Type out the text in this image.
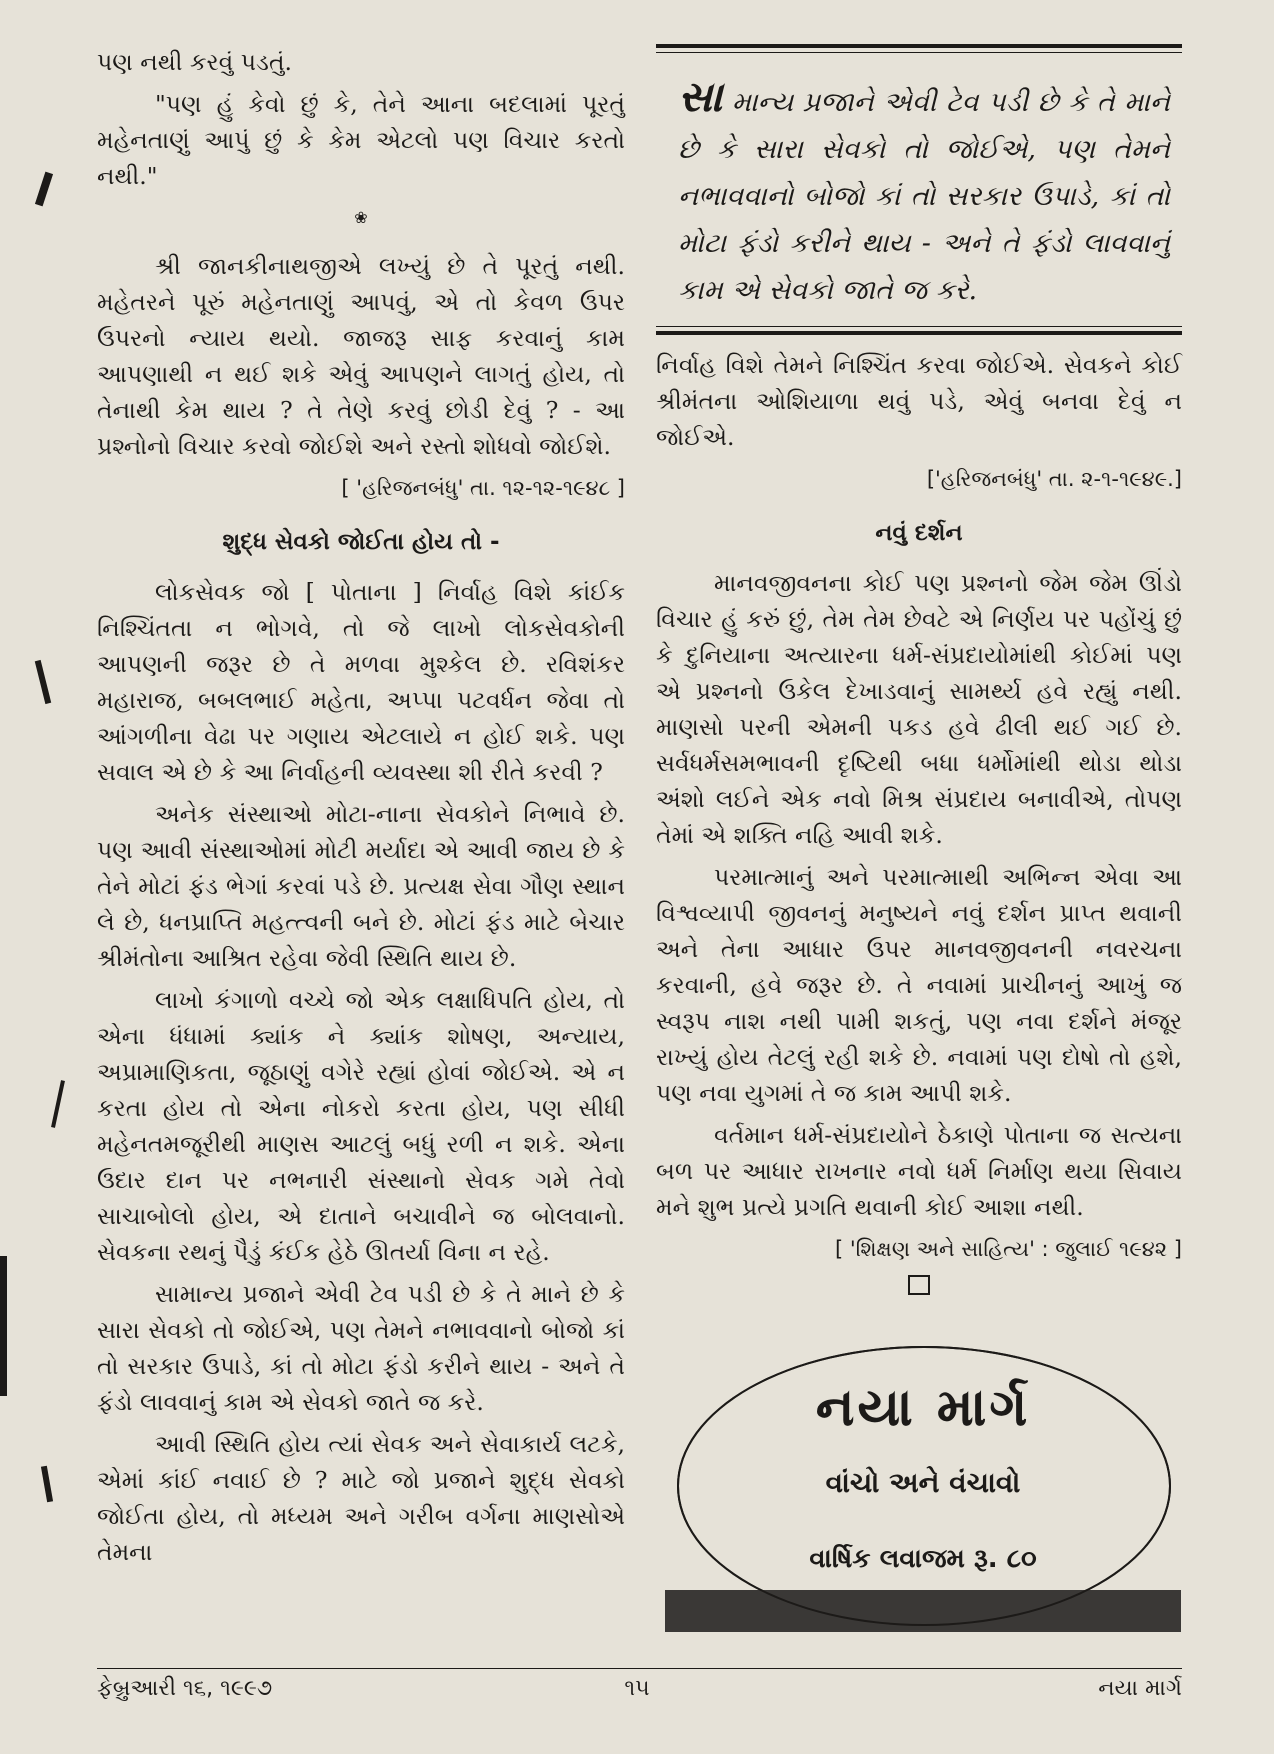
પણ નથી કરવું પડતું.

"પણ હું કેવો છું કે, તેને આના બદલામાં પૂરતું મહેનતાણું આપું છું કે કેમ એટલો પણ વિચાર કરતો નથી."

❀

શ્રી જાનકીનાથજીએ લખ્યું છે તે પૂરતું નથી. મહેતરને પૂરું મહેનતાણું આપવું, એ તો કેવળ ઉપર ઉપરનો ન્યાય થયો. જાજરૂ સાફ કરવાનું કામ આપણાથી ન થઈ શકે એવું આપણને લાગતું હોય, તો તેનાથી કેમ થાય ? તે તેણે કરવું છોડી દેવું ? - આ પ્રશ્નોનો વિચાર કરવો જોઈશે અને રસ્તો શોધવો જોઈશે.

[ 'હરિજનબંધુ' તા. ૧૨-૧૨-૧૯૪૮ ]
શુદ્ધ સેવકો જોઈતા હોય તો -

લોકસેવક જો [ પોતાના ] નિર્વાહ વિશે કાંઈક નિશ્ચિંતતા ન ભોગવે, તો જે લાખો લોકસેવકોની આપણની જરૂર છે તે મળવા મુશ્કેલ છે. રવિશંકર મહારાજ, બબલભાઈ મહેતા, અપ્પા પટવર્ધન જેવા તો આંગળીના વેઢા પર ગણાય એટલાયે ન હોઈ શકે. પણ સવાલ એ છે કે આ નિર્વાહની વ્યવસ્થા શી રીતે કરવી ?

અનેક સંસ્થાઓ મોટા-નાના સેવકોને નિભાવે છે. પણ આવી સંસ્થાઓમાં મોટી મર્યાદા એ આવી જાય છે કે તેને મોટાં ફંડ ભેગાં કરવાં પડે છે. પ્રત્યક્ષ સેવા ગૌણ સ્થાન લે છે, ધનપ્રાપ્તિ મહત્ત્વની બને છે. મોટાં ફંડ માટે બેચાર શ્રીમંતોના આશ્રિત રહેવા જેવી સ્થિતિ થાય છે.

લાખો કંગાળો વચ્ચે જો એક લક્ષાધિપતિ હોય, તો એના ધંધામાં ક્યાંક ને ક્યાંક શોષણ, અન્યાય, અપ્રામાણિકતા, જૂઠાણું વગેરે રહ્યાં હોવાં જોઈએ. એ ન કરતા હોય તો એના નોકરો કરતા હોય, પણ સીધી મહેનતમજૂરીથી માણસ આટલું બધું રળી ન શકે. એના ઉદાર દાન પર નભનારી સંસ્થાનો સેવક ગમે તેવો સાચાબોલો હોય, એ દાતાને બચાવીને જ બોલવાનો. સેવકના રથનું પૈડું કંઈક હેઠે ઊતર્યા વિના ન રહે.

સામાન્ય પ્રજાને એવી ટેવ પડી છે કે તે માને છે કે સારા સેવકો તો જોઈએ, પણ તેમને નભાવવાનો બોજો કાં તો સરકાર ઉપાડે, કાં તો મોટા ફંડો કરીને થાય - અને તે ફંડો લાવવાનું કામ એ સેવકો જાતે જ કરે.

આવી સ્થિતિ હોય ત્યાં સેવક અને સેવાકાર્ય લટકે, એમાં કાંઈ નવાઈ છે ? માટે જો પ્રજાને શુદ્ધ સેવકો જોઈતા હોય, તો મધ્યમ અને ગરીબ વર્ગના માણસોએ તેમના

સા માન્ય પ્રજાને એવી ટેવ પડી છે કે તે માને છે કે સારા સેવકો તો જોઈએ, પણ તેમને નભાવવાનો બોજો કાં તો સરકાર ઉપાડે, કાં તો મોટા ફંડો કરીને થાય - અને તે ફંડો લાવવાનું કામ એ સેવકો જાતે જ કરે.

નિર્વાહ વિશે તેમને નિશ્ચિંત કરવા જોઈએ. સેવકને કોઈ શ્રીમંતના ઓશિયાળા થવું પડે, એવું બનવા દેવું ન જોઈએ.

['હરિજનબંધુ' તા. ૨-૧-૧૯૪૯.]
નવું દર્શન

માનવજીવનના કોઈ પણ પ્રશ્નનો જેમ જેમ ઊંડો વિચાર હું કરું છું, તેમ તેમ છેવટે એ નિર્ણય પર પહોંચું છું કે દુનિયાના અત્યારના ધર્મ-સંપ્રદાયોમાંથી કોઈમાં પણ એ પ્રશ્નનો ઉકેલ દેખાડવાનું સામર્થ્ય હવે રહ્યું નથી. માણસો પરની એમની પકડ હવે ઢીલી થઈ ગઈ છે. સર્વધર્મસમભાવની દૃષ્ટિથી બધા ધર્મોમાંથી થોડા થોડા અંશો લઈને એક નવો મિશ્ર સંપ્રદાય બનાવીએ, તોપણ તેમાં એ શક્તિ નહિ આવી શકે.

પરમાત્માનું અને પરમાત્માથી અભિન્ન એવા આ વિશ્વવ્યાપી જીવનનું મનુષ્યને નવું દર્શન પ્રાપ્ત થવાની અને તેના આધાર ઉપર માનવજીવનની નવરચના કરવાની, હવે જરૂર છે. તે નવામાં પ્રાચીનનું આખું જ સ્વરૂપ નાશ નથી પામી શકતું, પણ નવા દર્શને મંજૂર રાખ્યું હોય તેટલું રહી શકે છે. નવામાં પણ દોષો તો હશે, પણ નવા યુગમાં તે જ કામ આપી શકે.

વર્તમાન ધર્મ-સંપ્રદાયોને ઠેકાણે પોતાના જ સત્યના બળ પર આધાર રાખનાર નવો ધર્મ નિર્માણ થયા સિવાય મને શુભ પ્રત્યે પ્રગતિ થવાની કોઈ આશા નથી.

[ 'શિક્ષણ અને સાહિત્ય' : જુલાઈ ૧૯૪૨ ]
નયા માર્ગ
વાંચો અને વંચાવો
વાર્ષિક લવાજમ રૂ. ૮૦
ફેબ્રુઆરી ૧૬, ૧૯૯૭	૧૫	નયા માર્ગ
